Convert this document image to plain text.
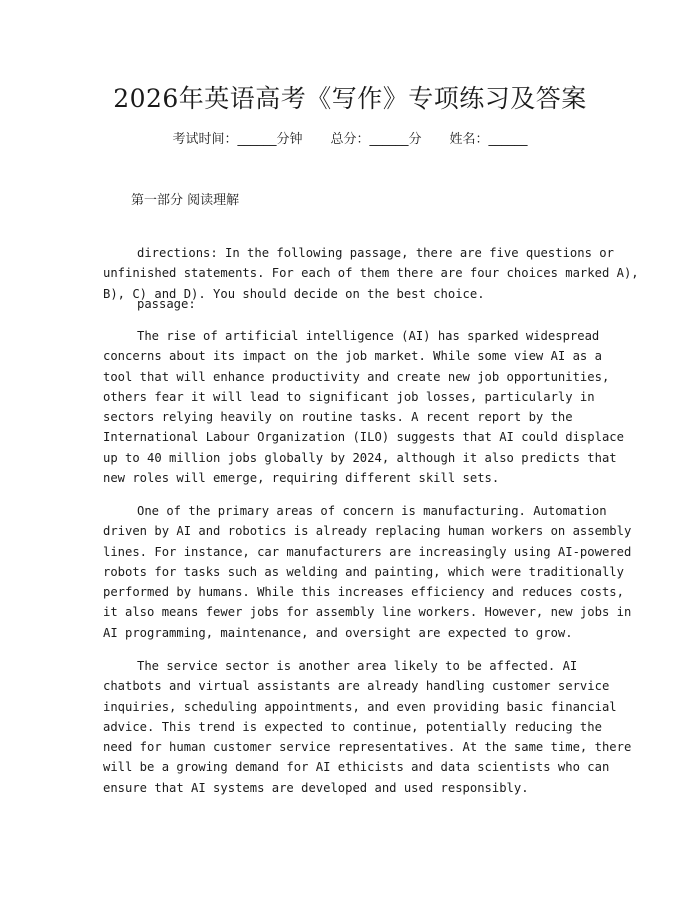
2026年英语高考《写作》专项练习及答案
考试时间：______分钟 总分：______分 姓名：______
第一部分 阅读理解
directions: In the following passage, there are five questions or
unfinished statements. For each of them there are four choices marked A),
B), C) and D). You should decide on the best choice.
passage:
The rise of artificial intelligence (AI) has sparked widespread
concerns about its impact on the job market. While some view AI as a
tool that will enhance productivity and create new job opportunities,
others fear it will lead to significant job losses, particularly in
sectors relying heavily on routine tasks. A recent report by the
International Labour Organization (ILO) suggests that AI could displace
up to 40 million jobs globally by 2024, although it also predicts that
new roles will emerge, requiring different skill sets.
One of the primary areas of concern is manufacturing. Automation
driven by AI and robotics is already replacing human workers on assembly
lines. For instance, car manufacturers are increasingly using AI-powered
robots for tasks such as welding and painting, which were traditionally
performed by humans. While this increases efficiency and reduces costs,
it also means fewer jobs for assembly line workers. However, new jobs in
AI programming, maintenance, and oversight are expected to grow.
The service sector is another area likely to be affected. AI
chatbots and virtual assistants are already handling customer service
inquiries, scheduling appointments, and even providing basic financial
advice. This trend is expected to continue, potentially reducing the
need for human customer service representatives. At the same time, there
will be a growing demand for AI ethicists and data scientists who can
ensure that AI systems are developed and used responsibly.
